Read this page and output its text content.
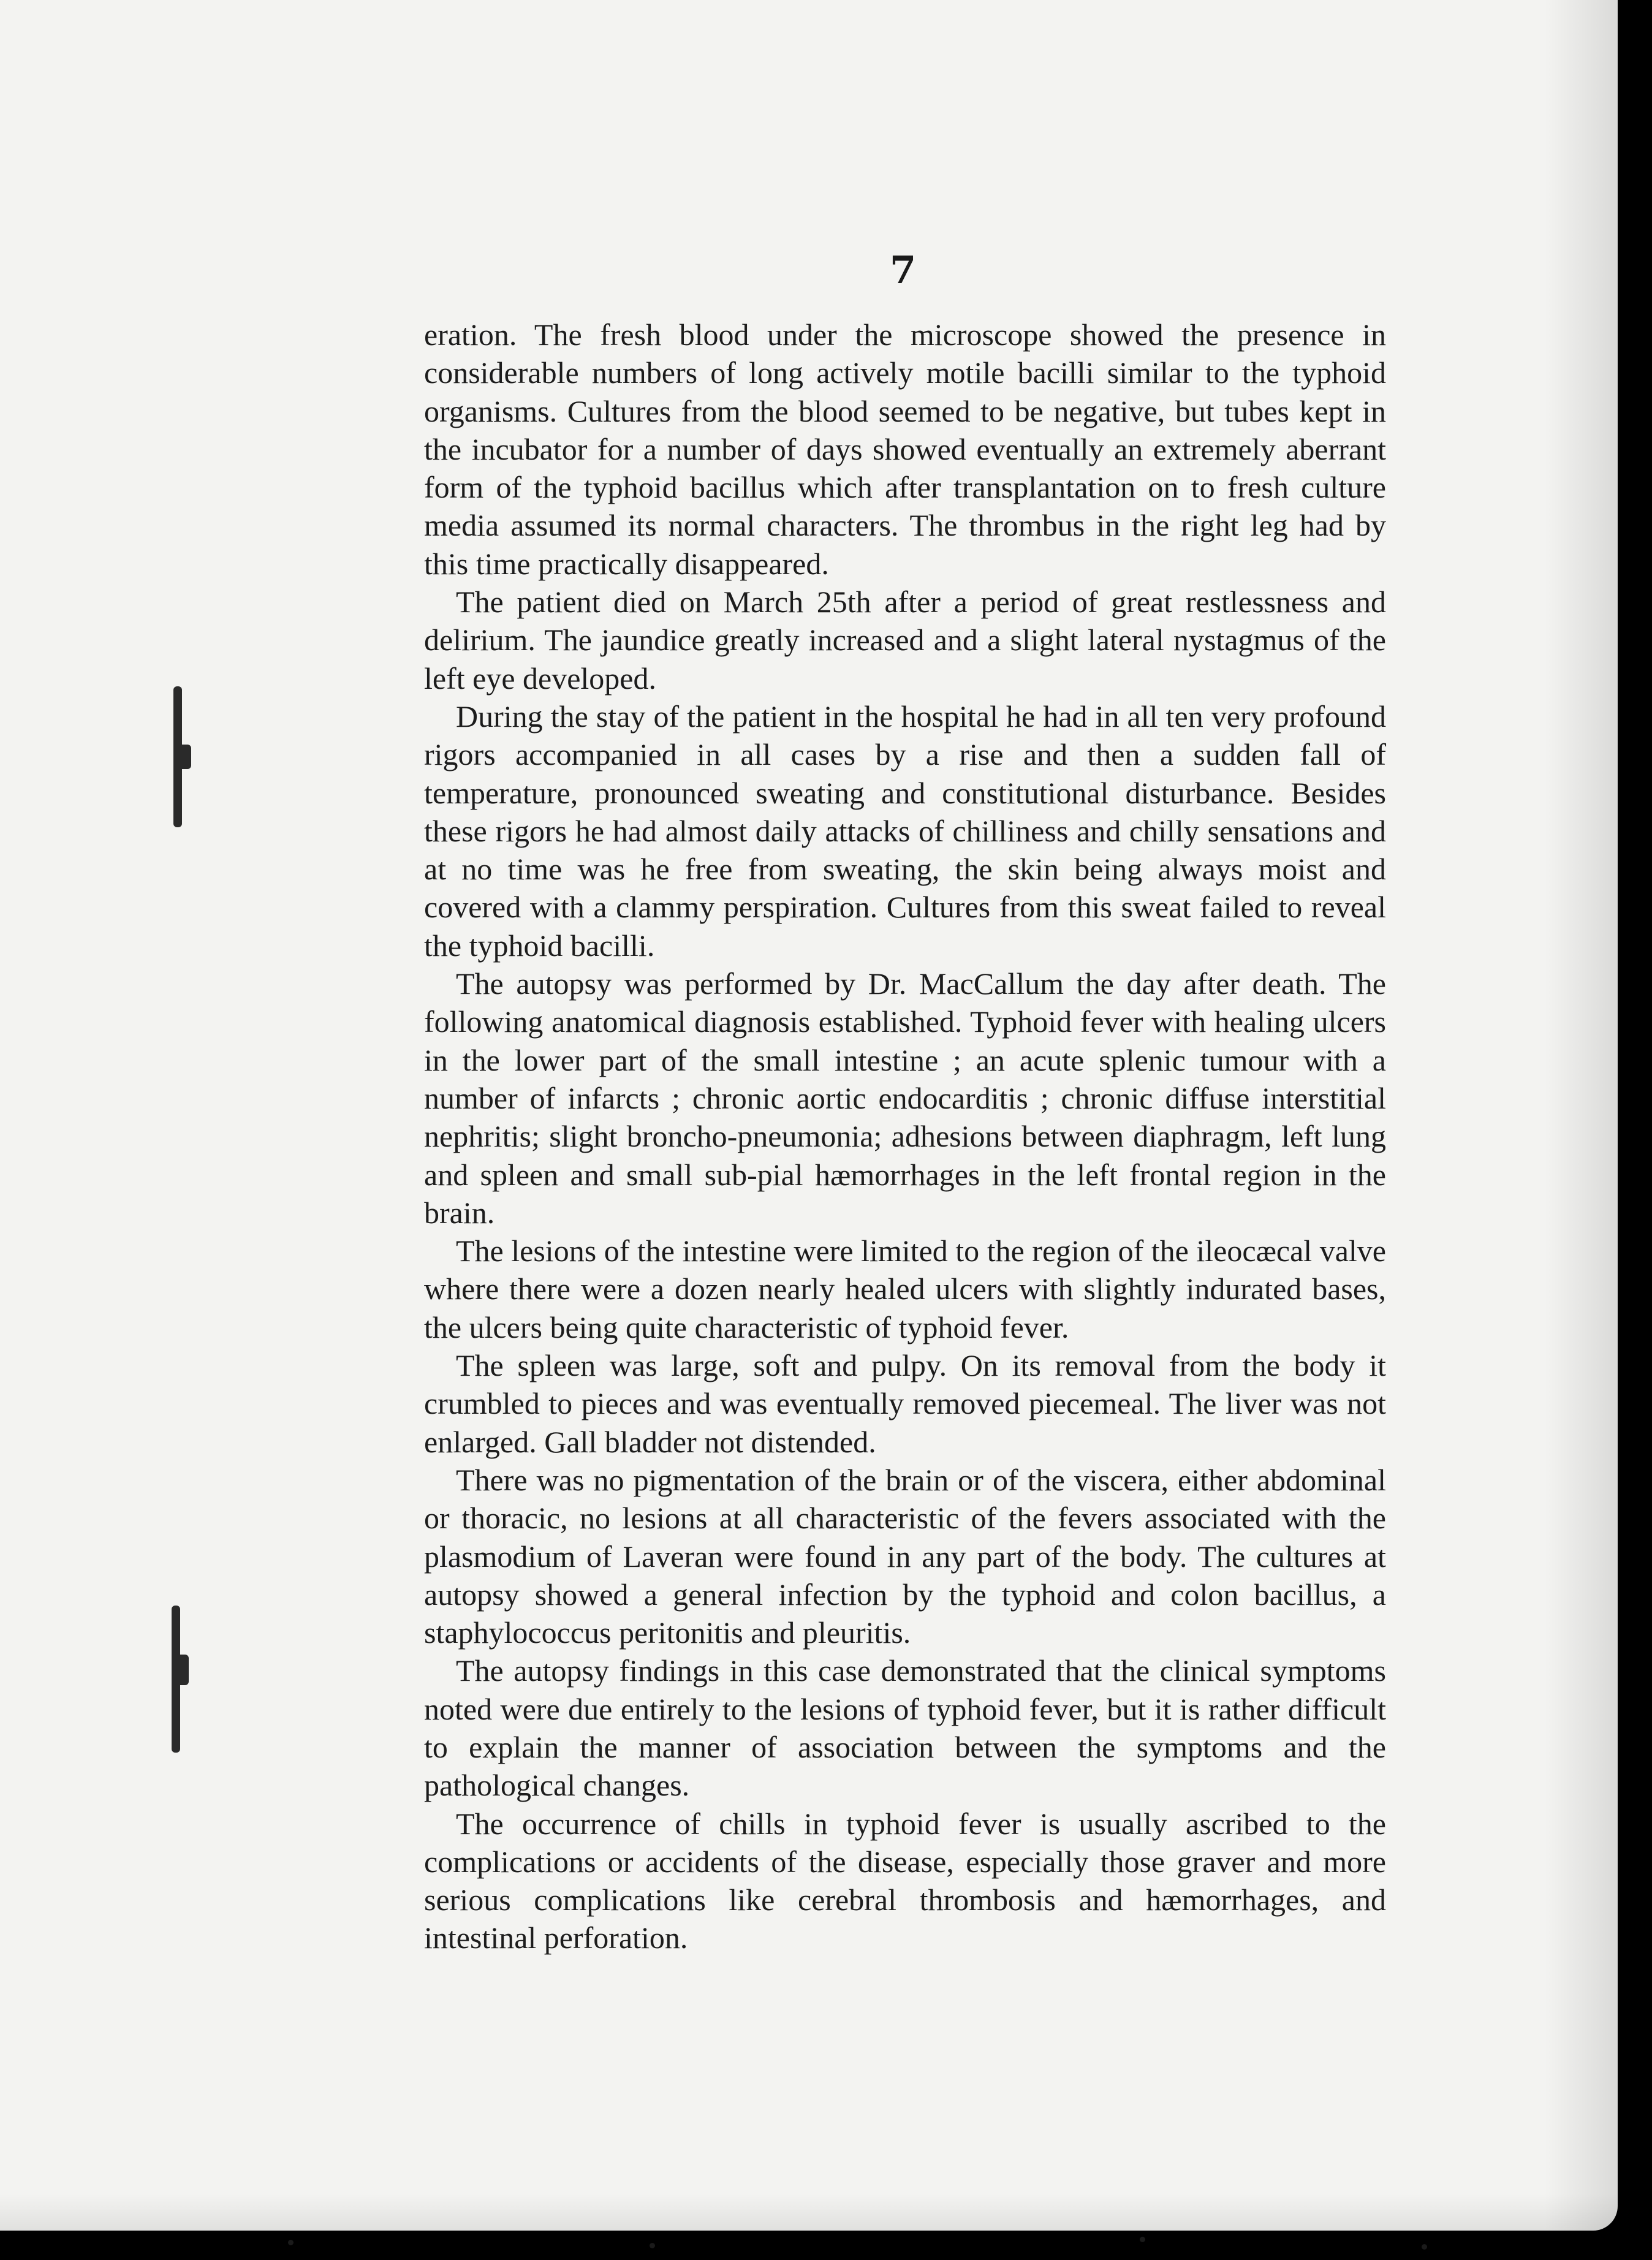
7

eration. The fresh blood under the microscope showed the presence in considerable numbers of long actively motile bacilli similar to the typhoid organisms. Cultures from the blood seemed to be negative, but tubes kept in the incubator for a number of days showed eventually an extremely aberrant form of the typhoid bacillus which after transplantation on to fresh culture media assumed its normal characters. The thrombus in the right leg had by this time practically disappeared.

The patient died on March 25th after a period of great restlessness and delirium. The jaundice greatly increased and a slight lateral nystagmus of the left eye developed.

During the stay of the patient in the hospital he had in all ten very profound rigors accompanied in all cases by a rise and then a sudden fall of temperature, pronounced sweating and constitutional disturbance. Besides these rigors he had almost daily attacks of chilliness and chilly sensations and at no time was he free from sweating, the skin being always moist and covered with a clammy perspiration. Cultures from this sweat failed to reveal the typhoid bacilli.

The autopsy was performed by Dr. MacCallum the day after death. The following anatomical diagnosis established. Typhoid fever with healing ulcers in the lower part of the small intestine ; an acute splenic tumour with a number of infarcts ; chronic aortic endocarditis ; chronic diffuse interstitial nephritis; slight broncho-pneumonia; adhesions between diaphragm, left lung and spleen and small sub-pial hæmorrhages in the left frontal region in the brain.

The lesions of the intestine were limited to the region of the ileocæcal valve where there were a dozen nearly healed ulcers with slightly indurated bases, the ulcers being quite characteristic of typhoid fever.

The spleen was large, soft and pulpy. On its removal from the body it crumbled to pieces and was eventually removed piecemeal. The liver was not enlarged. Gall bladder not distended.

There was no pigmentation of the brain or of the viscera, either abdominal or thoracic, no lesions at all characteristic of the fevers associated with the plasmodium of Laveran were found in any part of the body. The cultures at autopsy showed a general infection by the typhoid and colon bacillus, a staphylococcus peritonitis and pleuritis.

The autopsy findings in this case demonstrated that the clinical symptoms noted were due entirely to the lesions of typhoid fever, but it is rather difficult to explain the manner of association between the symptoms and the pathological changes.

The occurrence of chills in typhoid fever is usually ascribed to the complications or accidents of the disease, especially those graver and more serious complications like cerebral thrombosis and hæmorrhages, and intestinal perforation.
